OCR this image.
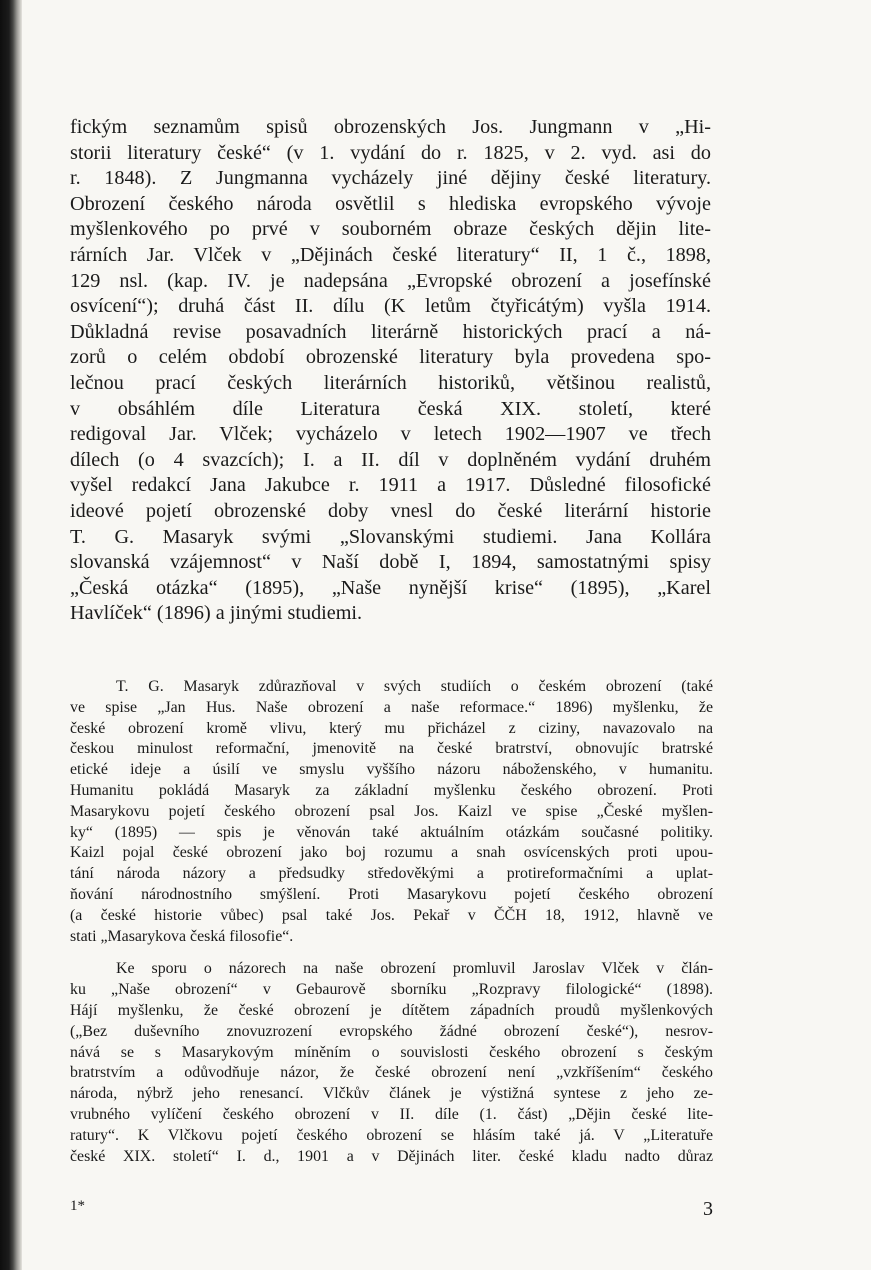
fickým seznamům spisů obrozenských Jos. Jungmann v „Hi-
storii literatury české“ (v 1. vydání do r. 1825, v 2. vyd. asi do
r. 1848). Z Jungmanna vycházely jiné dějiny české literatury.
Obrození českého národa osvětlil s hlediska evropského vývoje
myšlenkového po prvé v souborném obraze českých dějin lite-
rárních Jar. Vlček v „Dějinách české literatury“ II, 1 č., 1898,
129 nsl. (kap. IV. je nadepsána „Evropské obrození a josefínské
osvícení“); druhá část II. dílu (K letům čtyřicátým) vyšla 1914.
Důkladná revise posavadních literárně historických prací a ná-
zorů o celém období obrozenské literatury byla provedena spo-
lečnou prací českých literárních historiků, většinou realistů,
v obsáhlém díle Literatura česká XIX. století, které
redigoval Jar. Vlček; vycházelo v letech 1902—1907 ve třech
dílech (o 4 svazcích); I. a II. díl v doplněném vydání druhém
vyšel redakcí Jana Jakubce r. 1911 a 1917. Důsledné filosofické
ideové pojetí obrozenské doby vnesl do české literární historie
T. G. Masaryk svými „Slovanskými studiemi. Jana Kollára
slovanská vzájemnost“ v Naší době I, 1894, samostatnými spisy
„Česká otázka“ (1895), „Naše nynější krise“ (1895), „Karel
Havlíček“ (1896) a jinými studiemi.
T. G. Masaryk zdůrazňoval v svých studiích o českém obrození (také
ve spise „Jan Hus. Naše obrození a naše reformace.“ 1896) myšlenku, že
české obrození kromě vlivu, který mu přicházel z ciziny, navazovalo na
českou minulost reformační, jmenovitě na české bratrství, obnovujíc bratrské
etické ideje a úsilí ve smyslu vyššího názoru náboženského, v humanitu.
Humanitu pokládá Masaryk za základní myšlenku českého obrození. Proti
Masarykovu pojetí českého obrození psal Jos. Kaizl ve spise „České myšlen-
ky“ (1895) — spis je věnován také aktuálním otázkám současné politiky.
Kaizl pojal české obrození jako boj rozumu a snah osvícenských proti upou-
tání národa názory a předsudky středověkými a protireformačními a uplat-
ňování národnostního smýšlení. Proti Masarykovu pojetí českého obrození
(a české historie vůbec) psal také Jos. Pekař v ČČH 18, 1912, hlavně ve
stati „Masarykova česká filosofie“.
Ke sporu o názorech na naše obrození promluvil Jaroslav Vlček v člán-
ku „Naše obrození“ v Gebaurově sborníku „Rozpravy filologické“ (1898).
Hájí myšlenku, že české obrození je dítětem západních proudů myšlenkových
(„Bez duševního znovuzrození evropského žádné obrození české“), nesrov-
nává se s Masarykovým míněním o souvislosti českého obrození s českým
bratrstvím a odůvodňuje názor, že české obrození není „vzkříšením“ českého
národa, nýbrž jeho renesancí. Vlčkův článek je výstižná syntese z jeho ze-
vrubného vylíčení českého obrození v II. díle (1. část) „Dějin české lite-
ratury“. K Vlčkovu pojetí českého obrození se hlásím také já. V „Literatuře
české XIX. století“ I. d., 1901 a v Dějinách liter. české kladu nadto důraz
1*	3
